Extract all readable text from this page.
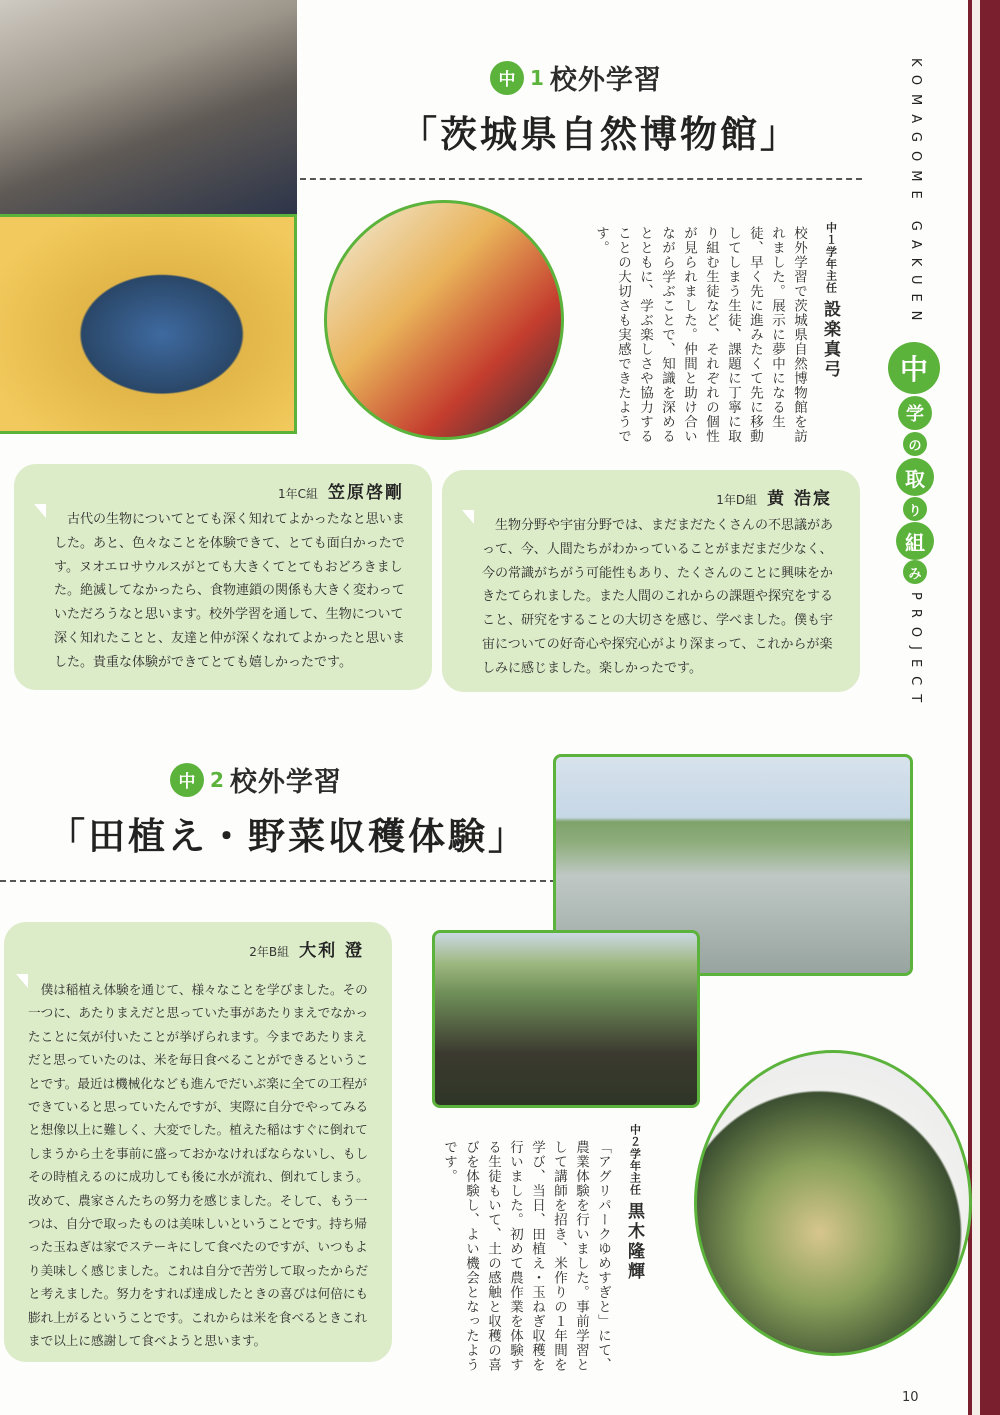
中 1 校外学習
「茨城県自然博物館」
中１学年主任
設楽真弓
校外学習で茨城県自然博物館を訪れました。展示に夢中になる生徒、早く先に進みたくて先に移動してしまう生徒、課題に丁寧に取り組む生徒など、それぞれの個性が見られました。仲間と助け合いながら学ぶことで、知識を深めるとともに、学ぶ楽しさや協力することの大切さも実感できたようです。
1年C組 笠原啓剛

古代の生物についてとても深く知れてよかったなと思いました。あと、色々なことを体験できて、とても面白かったです。ヌオエロサウルスがとても大きくてとてもおどろきました。絶滅してなかったら、食物連鎖の関係も大きく変わっていただろうなと思います。校外学習を通して、生物について深く知れたことと、友達と仲が深くなれてよかったと思いました。貴重な体験ができてとても嬉しかったです。

1年D組 黄 浩宸

生物分野や宇宙分野では、まだまだたくさんの不思議があって、今、人間たちがわかっていることがまだまだ少なく、今の常識がちがう可能性もあり、たくさんのことに興味をかきたてられました。また人間のこれからの課題や探究をすること、研究をすることの大切さを感じ、学べました。僕も宇宙についての好奇心や探究心がより深まって、これからが楽しみに感じました。楽しかったです。

KOMAGOME GAKUEN
中
学
の
取
り
組
み
PROJECT
中 2 校外学習
「田植え・野菜収穫体験」
2年B組 大利 澄

僕は稲植え体験を通じて、様々なことを学びました。その一つに、あたりまえだと思っていた事があたりまえでなかったことに気が付いたことが挙げられます。今まであたりまえだと思っていたのは、米を毎日食べることができるということです。最近は機械化なども進んでだいぶ楽に全ての工程ができていると思っていたんですが、実際に自分でやってみると想像以上に難しく、大変でした。植えた稲はすぐに倒れてしまうから土を事前に盛っておかなければならないし、もしその時植えるのに成功しても後に水が流れ、倒れてしまう。改めて、農家さんたちの努力を感じました。そして、もう一つは、自分で取ったものは美味しいということです。持ち帰った玉ねぎは家でステーキにして食べたのですが、いつもより美味しく感じました。これは自分で苦労して取ったからだと考えました。努力をすれば達成したときの喜びは何倍にも膨れ上がるということです。これからは米を食べるときこれまで以上に感謝して食べようと思います。

中２学年主任
黒木隆輝
「アグリパークゆめすぎと」にて、農業体験を行いました。事前学習として講師を招き、米作りの１年間を学び、当日、田植え・玉ねぎ収穫を行いました。初めて農作業を体験する生徒もいて、土の感触と収穫の喜びを体験し、よい機会となったようです。
10
